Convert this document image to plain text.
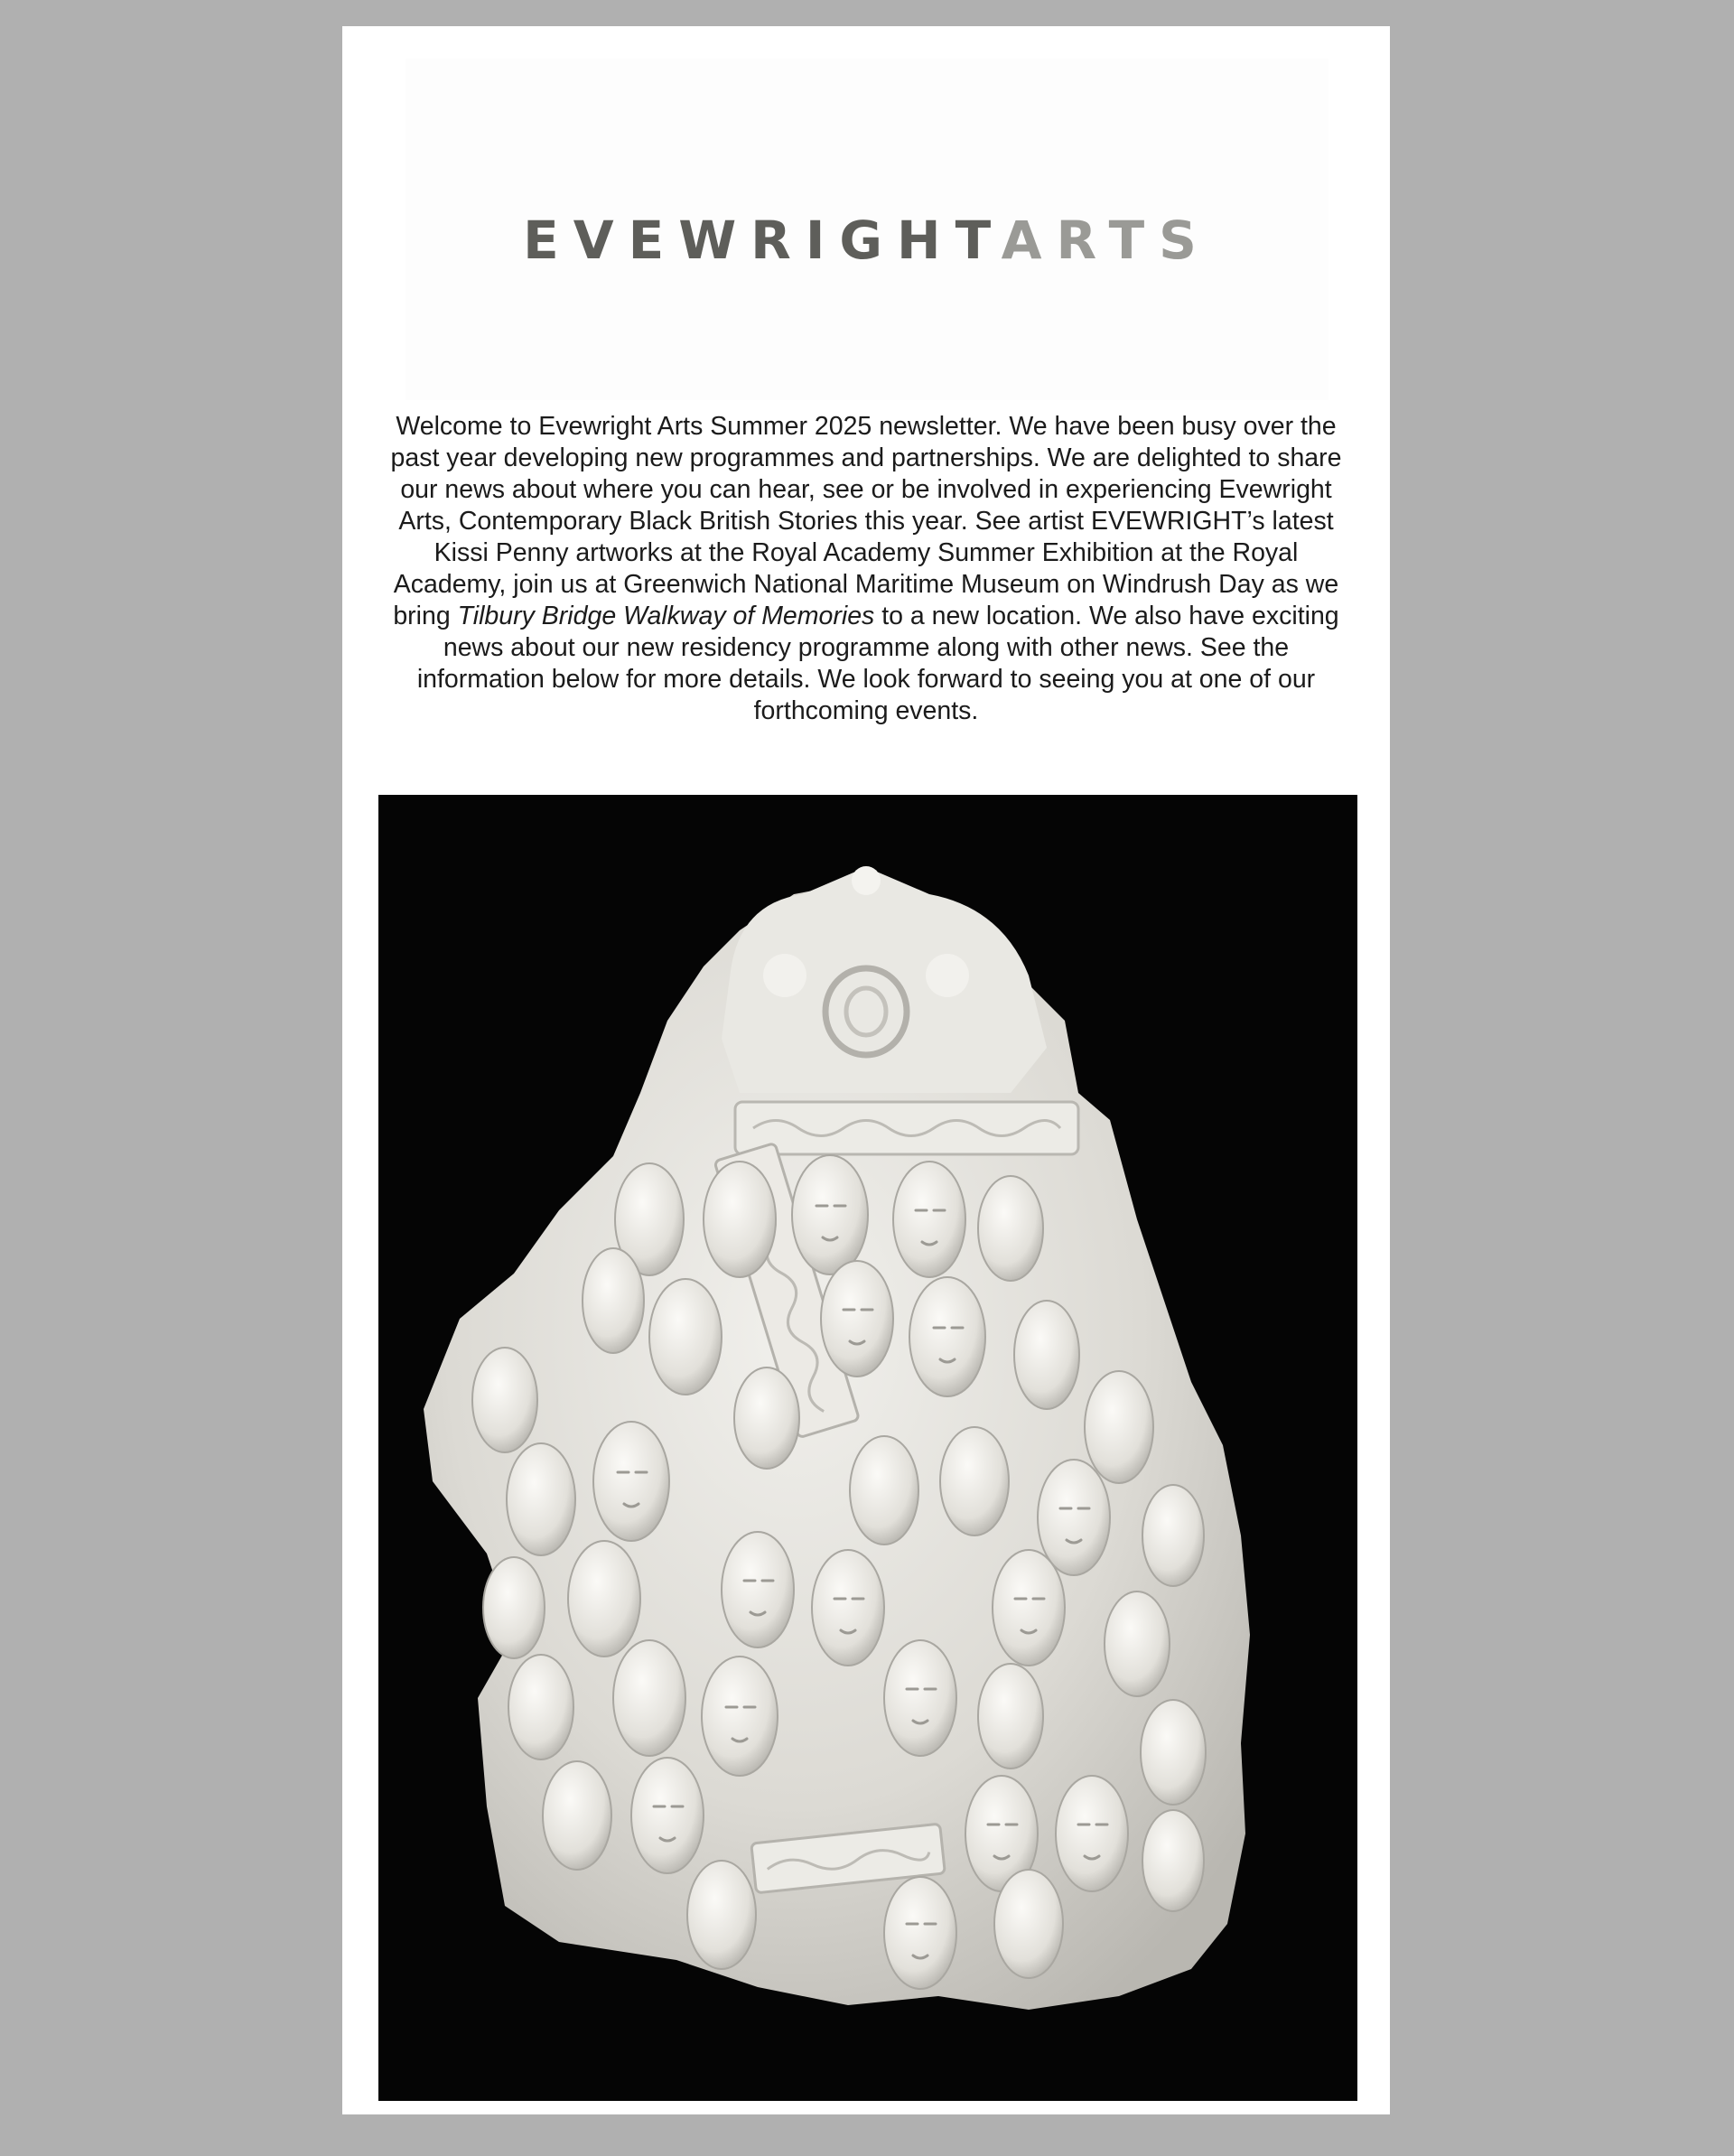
EVEWRIGHTARTS

Welcome to Evewright Arts Summer 2025 newsletter. We have been busy over the past year developing new programmes and partnerships. We are delighted to share our news about where you can hear, see or be involved in experiencing Evewright Arts, Contemporary Black British Stories this year. See artist EVEWRIGHT’s latest Kissi Penny artworks at the Royal Academy Summer Exhibition at the Royal Academy, join us at Greenwich National Maritime Museum on Windrush Day as we bring Tilbury Bridge Walkway of Memories to a new location. We also have exciting news about our new residency programme along with other news. See the information below for more details. We look forward to seeing you at one of our forthcoming events.
